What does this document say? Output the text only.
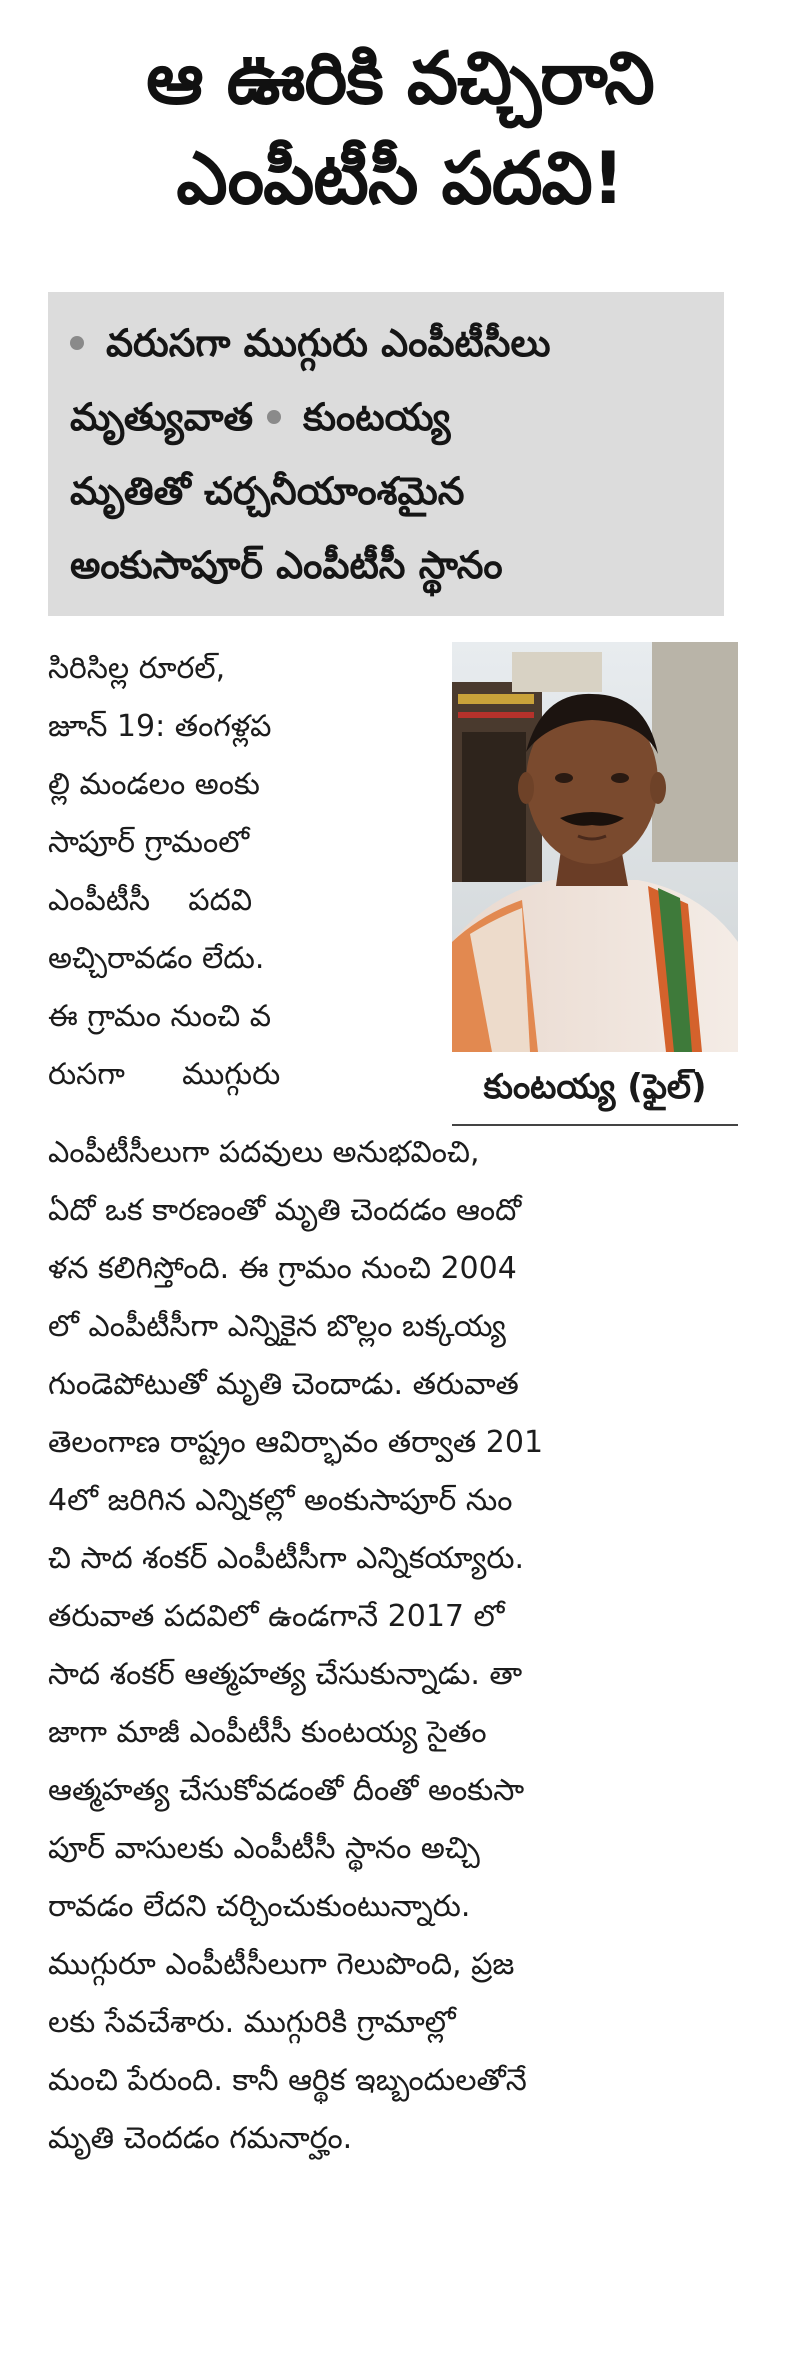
ఆ ఊరికి వచ్చిరాని
ఎంపీటీసీ పదవి!
వరుసగా ముగ్గురు ఎంపీటీసీలు
మృత్యువాత కుంటయ్య
మృతితో చర్చనీయాంశమైన
అంకుసాపూర్ ఎంపీటీసీ స్థానం
సిరిసిల్ల రూరల్,
జూన్ 19: తంగళ్లప
ల్లి మండలం అంకు
సాపూర్ గ్రామంలో
ఎంపీటీసీ    పదవి
అచ్చిరావడం లేదు.
ఈ గ్రామం నుంచి వ
రుసగా      ముగ్గురు	కుంటయ్య (ఫైల్)
ఎంపీటీసీలుగా పదవులు అనుభవించి,
ఏదో ఒక కారణంతో మృతి చెందడం ఆందో
ళన కలిగిస్తోంది. ఈ గ్రామం నుంచి 2004
లో ఎంపీటీసీగా ఎన్నికైన బొల్లం బక్కయ్య
గుండెపోటుతో మృతి చెందాడు. తరువాత
తెలంగాణ రాష్ట్రం ఆవిర్భావం తర్వాత 201
4లో జరిగిన ఎన్నికల్లో అంకుసాపూర్ నుం
చి సాద శంకర్ ఎంపీటీసీగా ఎన్నికయ్యారు.
తరువాత పదవిలో ఉండగానే 2017 లో
సాద శంకర్ ఆత్మహత్య చేసుకున్నాడు. తా
జాగా మాజీ ఎంపీటీసీ కుంటయ్య సైతం
ఆత్మహత్య చేసుకోవడంతో దీంతో అంకుసా
పూర్ వాసులకు ఎంపీటీసీ స్థానం అచ్చి
రావడం లేదని చర్చించుకుంటున్నారు.
ముగ్గురూ ఎంపీటీసీలుగా గెలుపొంది, ప్రజ
లకు సేవచేశారు. ముగ్గురికి గ్రామాల్లో
మంచి పేరుంది. కానీ ఆర్థిక ఇబ్బందులతోనే
మృతి చెందడం గమనార్హం.
